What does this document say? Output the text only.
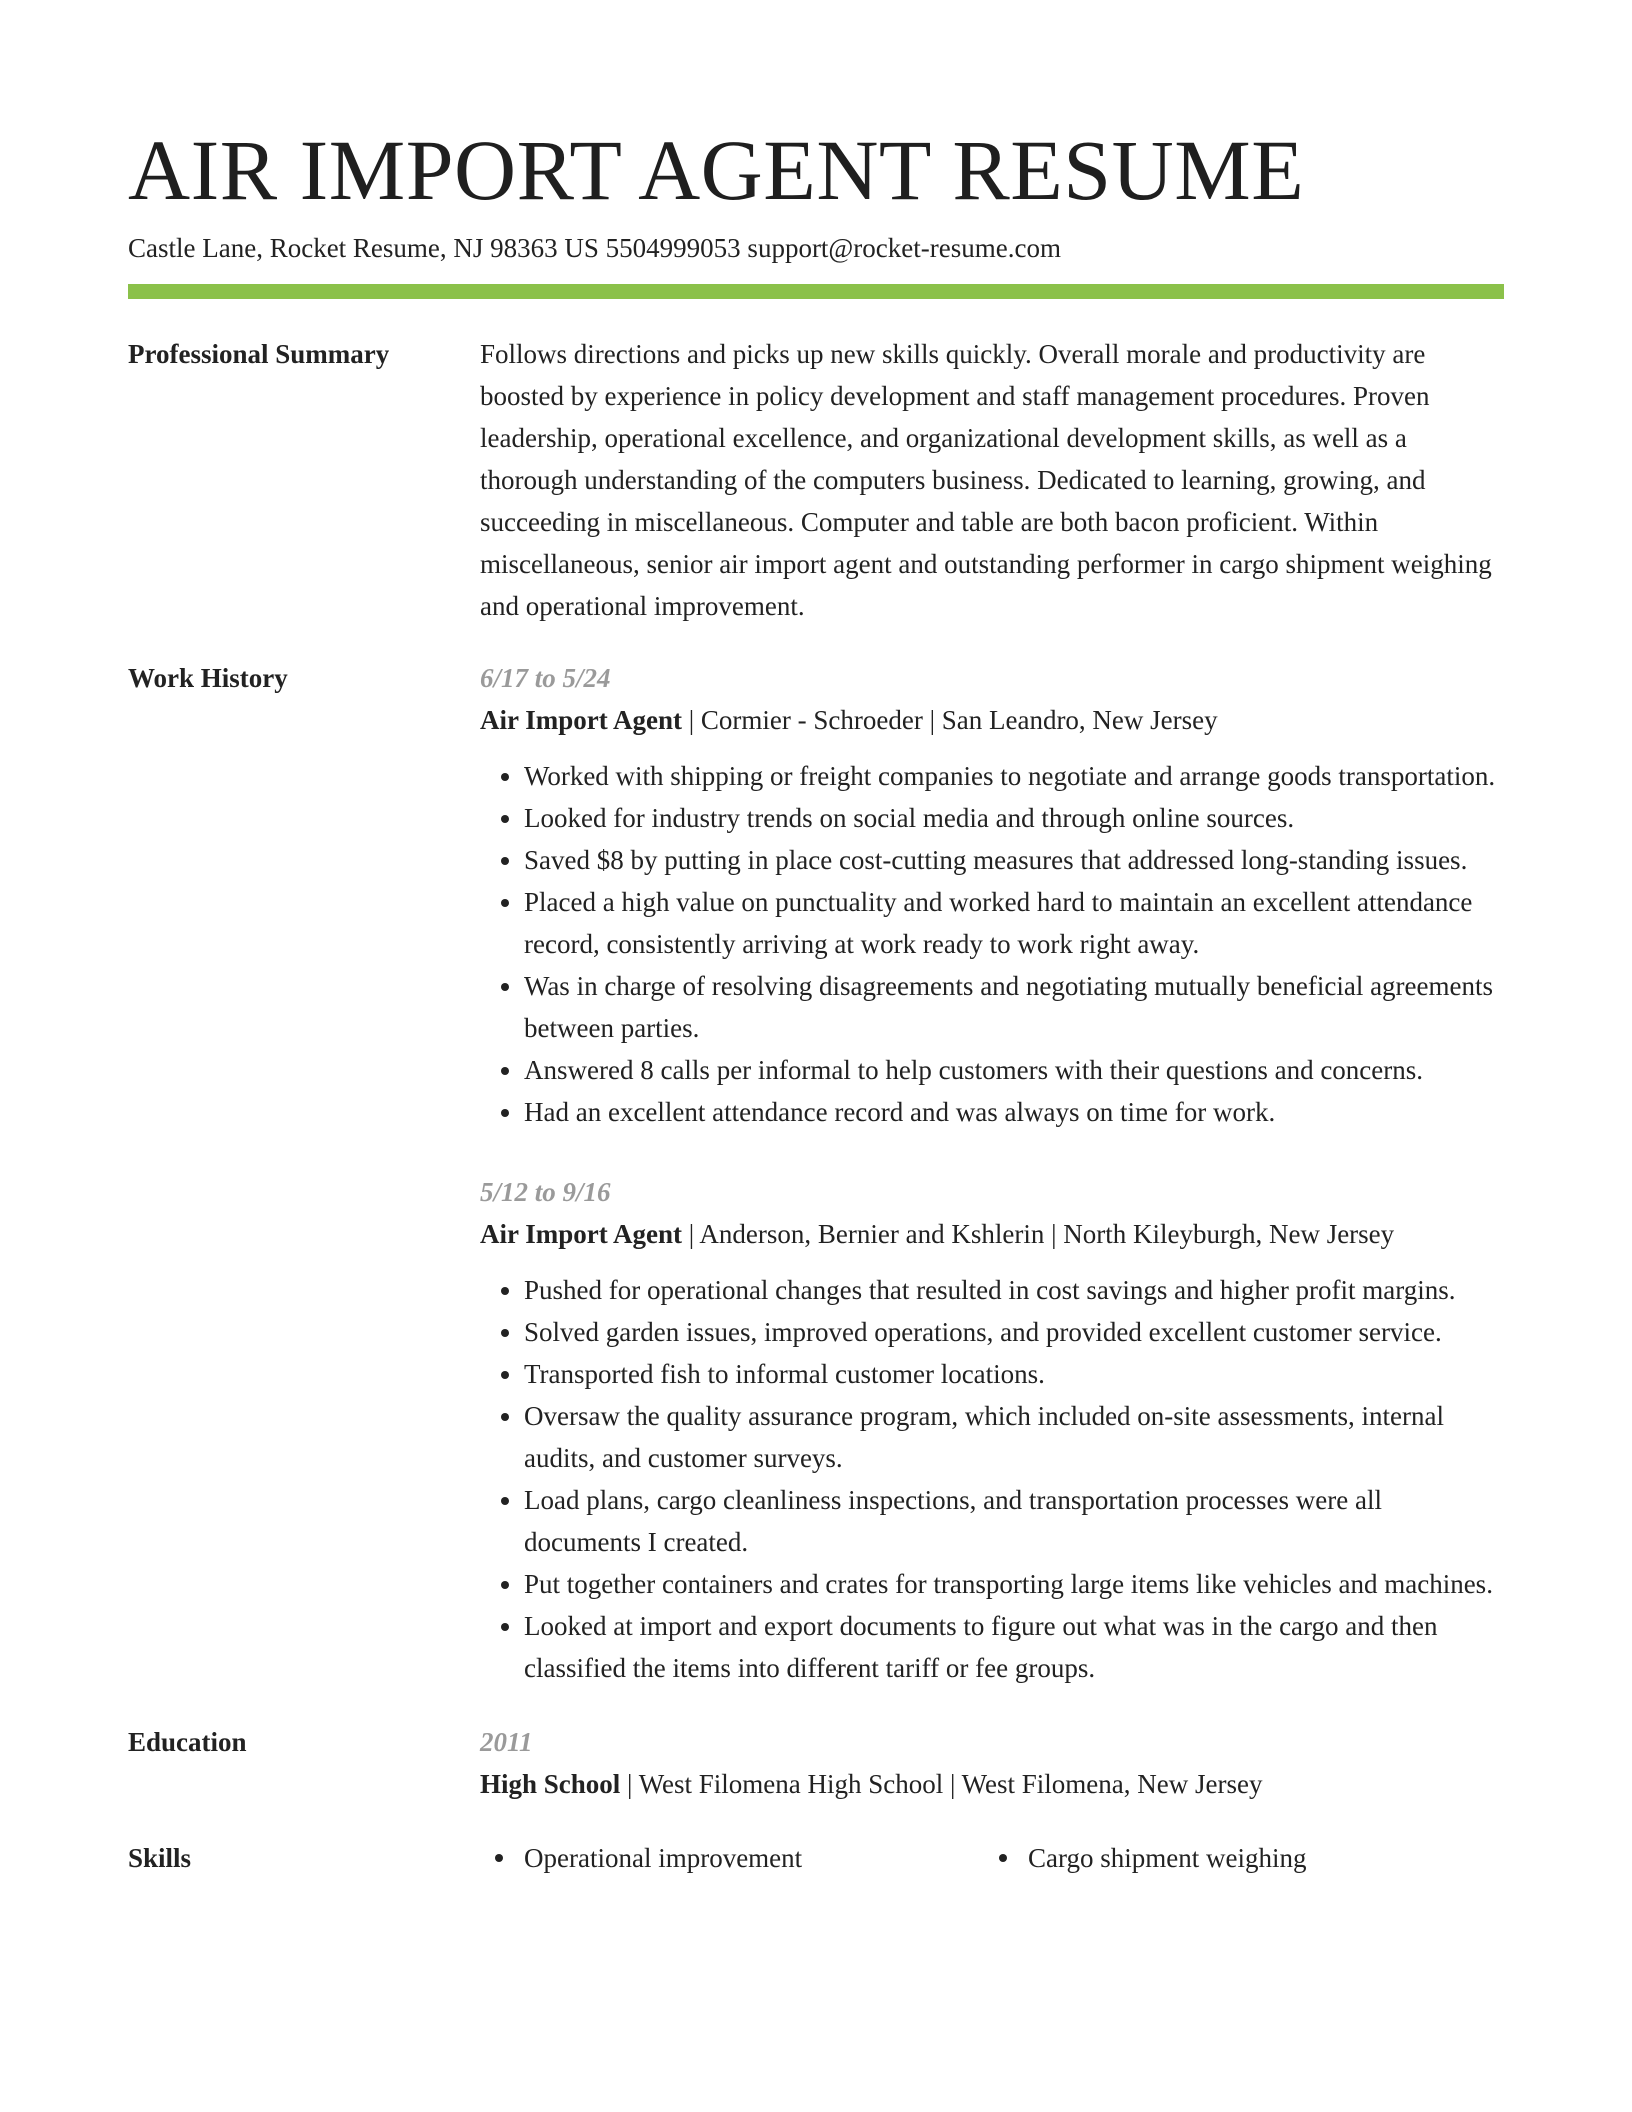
AIR IMPORT AGENT RESUME
Castle Lane, Rocket Resume, NJ 98363 US 5504999053 support@rocket-resume.com
Professional Summary	Follows directions and picks up new skills quickly. Overall morale and productivity are boosted by experience in policy development and staff management procedures. Proven leadership, operational excellence, and organizational development skills, as well as a thorough understanding of the computers business. Dedicated to learning, growing, and succeeding in miscellaneous. Computer and table are both bacon proficient. Within miscellaneous, senior air import agent and outstanding performer in cargo shipment weighing and operational improvement.

Work History	6/17 to 5/24
Air Import Agent | Cormier - Schroeder | San Leandro, New Jersey
• Worked with shipping or freight companies to negotiate and arrange goods transportation.
• Looked for industry trends on social media and through online sources.
• Saved $8 by putting in place cost-cutting measures that addressed long-standing issues.
• Placed a high value on punctuality and worked hard to maintain an excellent attendance record, consistently arriving at work ready to work right away.
• Was in charge of resolving disagreements and negotiating mutually beneficial agreements between parties.
• Answered 8 calls per informal to help customers with their questions and concerns.
• Had an excellent attendance record and was always on time for work.
5/12 to 9/16
Air Import Agent | Anderson, Bernier and Kshlerin | North Kileyburgh, New Jersey
• Pushed for operational changes that resulted in cost savings and higher profit margins.
• Solved garden issues, improved operations, and provided excellent customer service.
• Transported fish to informal customer locations.
• Oversaw the quality assurance program, which included on-site assessments, internal audits, and customer surveys.
• Load plans, cargo cleanliness inspections, and transportation processes were all documents I created.
• Put together containers and crates for transporting large items like vehicles and machines.
• Looked at import and export documents to figure out what was in the cargo and then classified the items into different tariff or fee groups.
Education	2011
High School | West Filomena High School | West Filomena, New Jersey
Skills	Operational improvement	Cargo shipment weighing
